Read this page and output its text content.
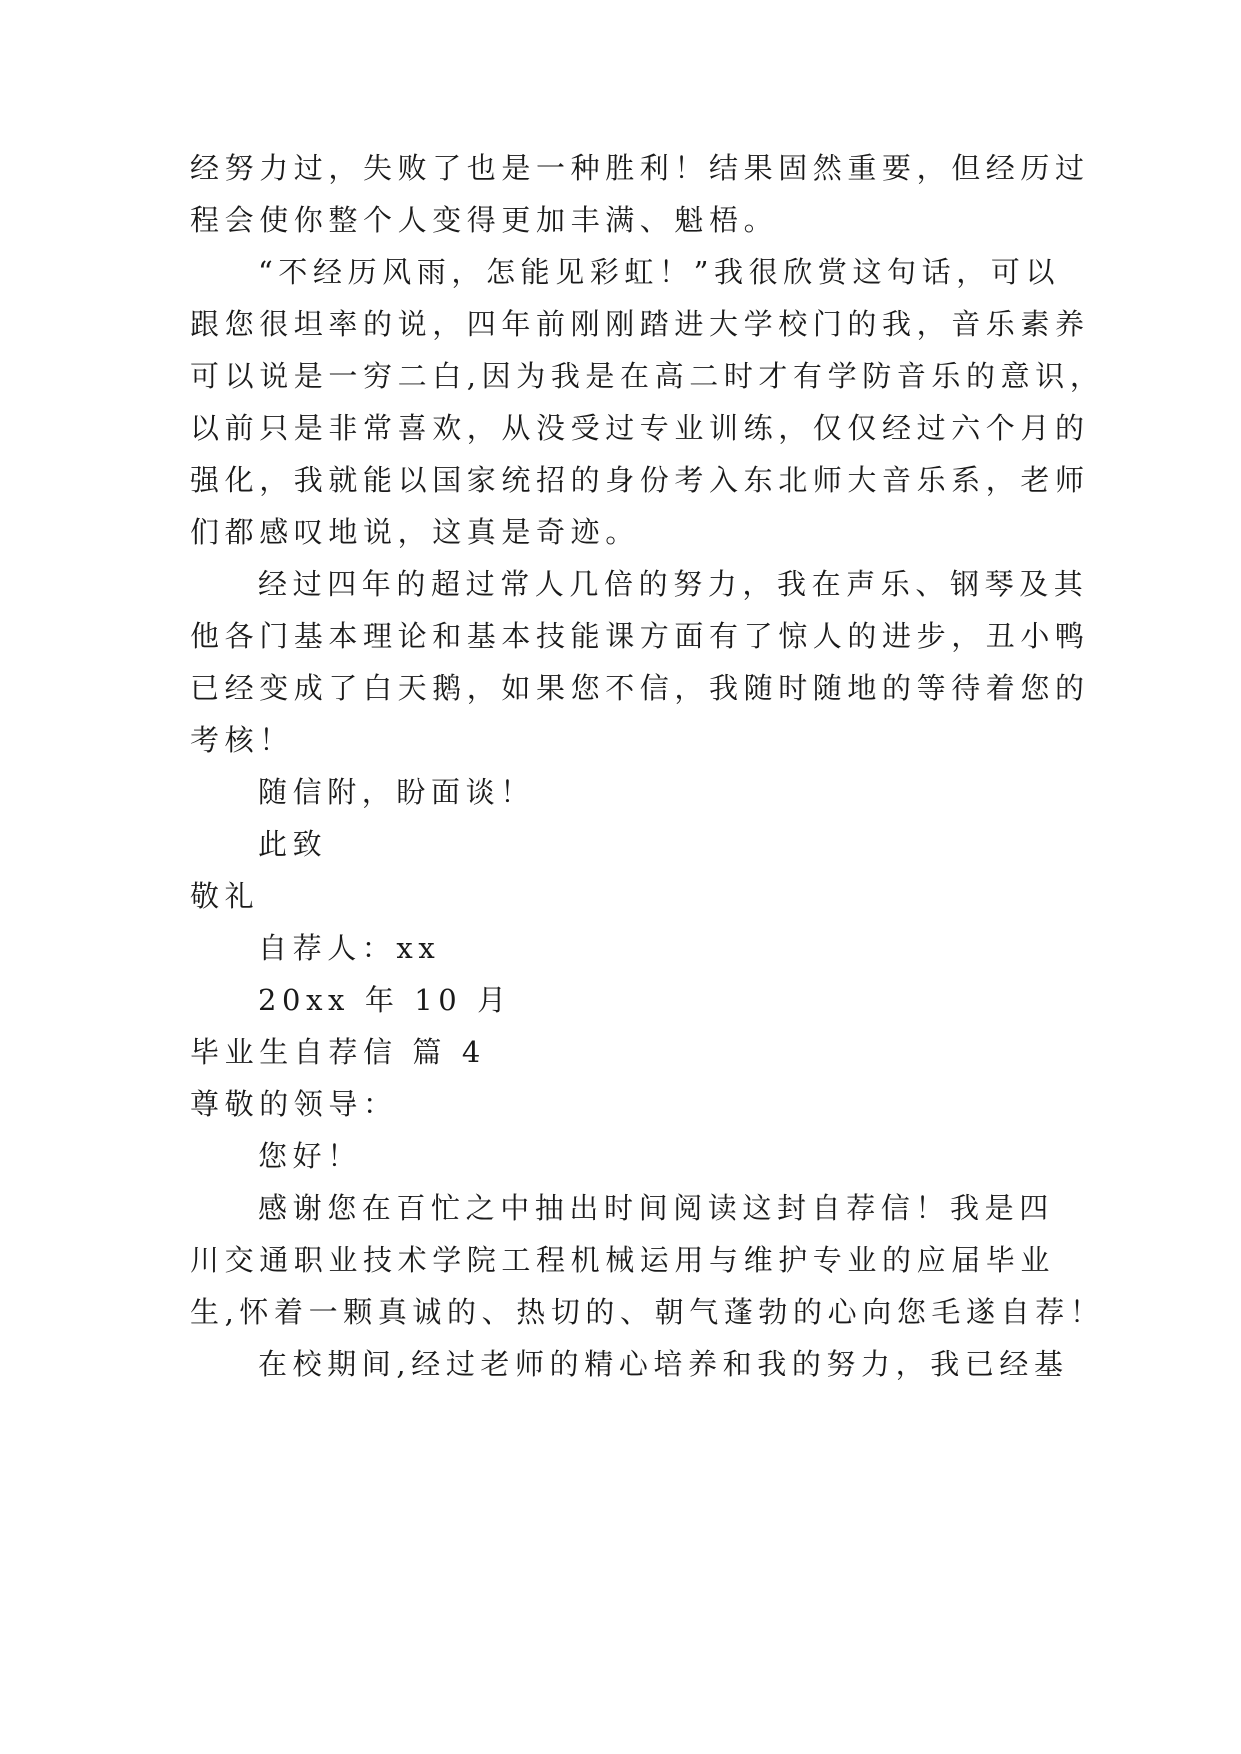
经努力过，失败了也是一种胜利！结果固然重要，但经历过
程会使你整个人变得更加丰满、魁梧。
“不经历风雨，怎能见彩虹！”我很欣赏这句话，可以
跟您很坦率的说，四年前刚刚踏进大学校门的我，音乐素养
可以说是一穷二白,因为我是在高二时才有学防音乐的意识，
以前只是非常喜欢，从没受过专业训练，仅仅经过六个月的
强化，我就能以国家统招的身份考入东北师大音乐系，老师
们都感叹地说，这真是奇迹。
经过四年的超过常人几倍的努力，我在声乐、钢琴及其
他各门基本理论和基本技能课方面有了惊人的进步，丑小鸭
已经变成了白天鹅，如果您不信，我随时随地的等待着您的
考核！
随信附，盼面谈！
此致
敬礼
自荐人：xx
20xx 年 10 月
毕业生自荐信 篇 4
尊敬的领导：
您好！
感谢您在百忙之中抽出时间阅读这封自荐信！我是四
川交通职业技术学院工程机械运用与维护专业的应届毕业
生,怀着一颗真诚的、热切的、朝气蓬勃的心向您毛遂自荐！
在校期间,经过老师的精心培养和我的努力，我已经基
